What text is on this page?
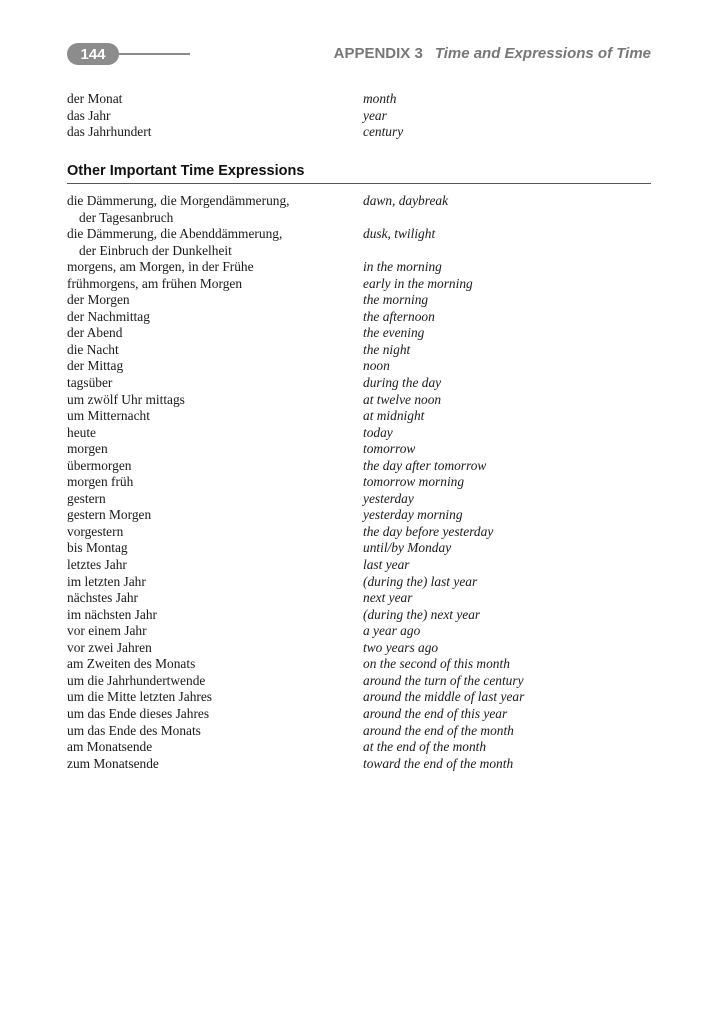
144	APPENDIX 3 Time and Expressions of Time
der Monat	month
das Jahr	year
das Jahrhundert	century
Other Important Time Expressions
die Dämmerung, die Morgendämmerung,	dawn, daybreak
der Tagesanbruch
die Dämmerung, die Abenddämmerung,	dusk, twilight
der Einbruch der Dunkelheit
morgens, am Morgen, in der Frühe	in the morning
frühmorgens, am frühen Morgen	early in the morning
der Morgen	the morning
der Nachmittag	the afternoon
der Abend	the evening
die Nacht	the night
der Mittag	noon
tagsüber	during the day
um zwölf Uhr mittags	at twelve noon
um Mitternacht	at midnight
heute	today
morgen	tomorrow
übermorgen	the day after tomorrow
morgen früh	tomorrow morning
gestern	yesterday
gestern Morgen	yesterday morning
vorgestern	the day before yesterday
bis Montag	until/by Monday
letztes Jahr	last year
im letzten Jahr	(during the) last year
nächstes Jahr	next year
im nächsten Jahr	(during the) next year
vor einem Jahr	a year ago
vor zwei Jahren	two years ago
am Zweiten des Monats	on the second of this month
um die Jahrhundertwende	around the turn of the century
um die Mitte letzten Jahres	around the middle of last year
um das Ende dieses Jahres	around the end of this year
um das Ende des Monats	around the end of the month
am Monatsende	at the end of the month
zum Monatsende	toward the end of the month
